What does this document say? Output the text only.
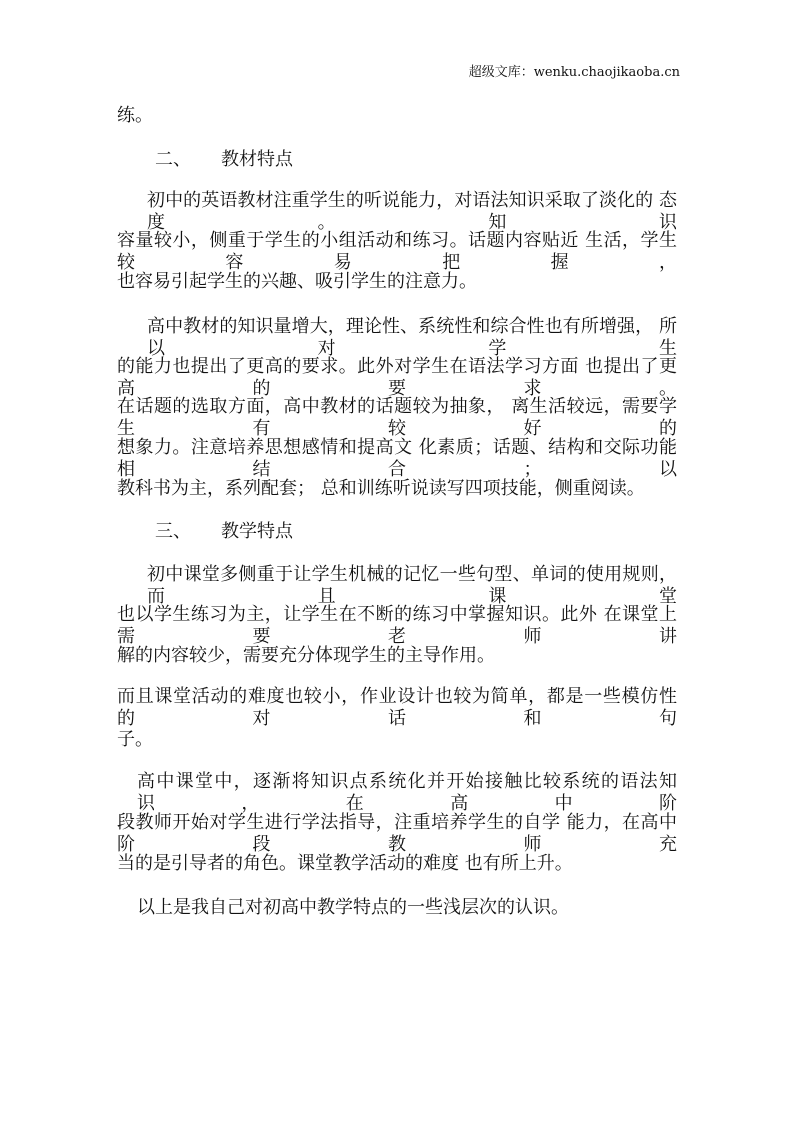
超级文库：wenku.chaojikaoba.cn
练。
二、 教材特点
初中的英语教材注重学生的听说能力，对语法知识采取了淡化的 态度。知识
容量较小，侧重于学生的小组活动和练习。话题内容贴近 生活，学生较容易把握，
也容易引起学生的兴趣、吸引学生的注意力。
高中教材的知识量增大，理论性、系统性和综合性也有所增强， 所以对学生
的能力也提出了更高的要求。此外对学生在语法学习方面 也提出了更高的要求。
在话题的选取方面，高中教材的话题较为抽象， 离生活较远，需要学生有较好的
想象力。注意培养思想感情和提高文 化素质；话题、结构和交际功能相结合；以
教科书为主，系列配套； 总和训练听说读写四项技能，侧重阅读。
三、 教学特点
初中课堂多侧重于让学生机械的记忆一些句型、单词的使用规则， 而且课堂
也以学生练习为主，让学生在不断的练习中掌握知识。此外 在课堂上需要老师讲
解的内容较少，需要充分体现学生的主导作用。
而且课堂活动的难度也较小，作业设计也较为简单，都是一些模仿性 的对话和句
子。
高中课堂中，逐渐将知识点系统化并开始接触比较系统的语法知 识，在高中阶
段教师开始对学生进行学法指导，注重培养学生的自学 能力，在高中阶段教师充
当的是引导者的角色。课堂教学活动的难度 也有所上升。
以上是我自己对初高中教学特点的一些浅层次的认识。
